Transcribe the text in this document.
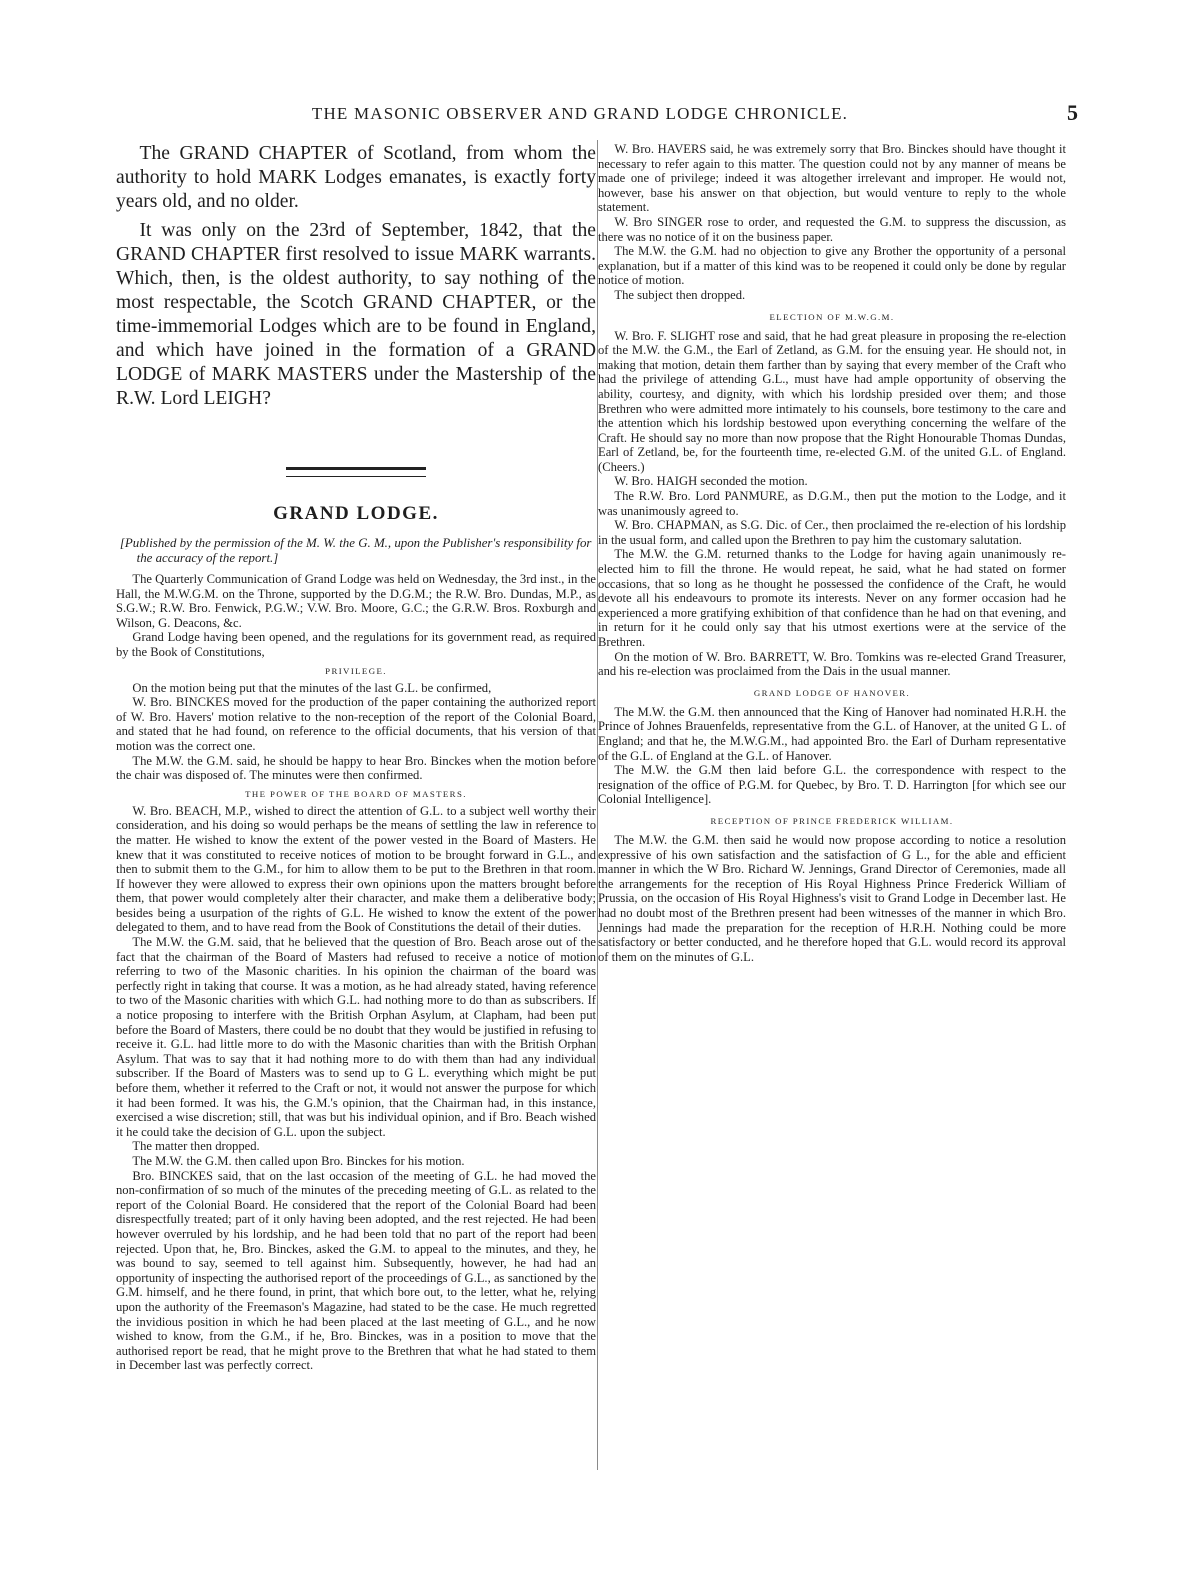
THE MASONIC OBSERVER AND GRAND LODGE CHRONICLE.	5

The GRAND CHAPTER of Scotland, from whom the authority to hold MARK Lodges emanates, is exactly forty years old, and no older.

It was only on the 23rd of September, 1842, that the GRAND CHAPTER first resolved to issue MARK warrants. Which, then, is the oldest authority, to say nothing of the most respectable, the Scotch GRAND CHAPTER, or the time-immemorial Lodges which are to be found in England, and which have joined in the formation of a GRAND LODGE of MARK MASTERS under the Mastership of the R.W. Lord LEIGH?

GRAND LODGE.

[Published by the permission of the M. W. the G. M., upon the Publisher's responsibility for the accuracy of the report.]

The Quarterly Communication of Grand Lodge was held on Wednesday, the 3rd inst., in the Hall, the M.W.G.M. on the Throne, supported by the D.G.M.; the R.W. Bro. Dundas, M.P., as S.G.W.; R.W. Bro. Fenwick, P.G.W.; V.W. Bro. Moore, G.C.; the G.R.W. Bros. Roxburgh and Wilson, G. Deacons, &c.

Grand Lodge having been opened, and the regulations for its government read, as required by the Book of Constitutions,

PRIVILEGE.

On the motion being put that the minutes of the last G.L. be confirmed,

W. Bro. BINCKES moved for the production of the paper containing the authorized report of W. Bro. Havers' motion relative to the non-reception of the report of the Colonial Board, and stated that he had found, on reference to the official documents, that his version of that motion was the correct one.

The M.W. the G.M. said, he should be happy to hear Bro. Binckes when the motion before the chair was disposed of. The minutes were then confirmed.

THE POWER OF THE BOARD OF MASTERS.

W. Bro. BEACH, M.P., wished to direct the attention of G.L. to a subject well worthy their consideration, and his doing so would perhaps be the means of settling the law in reference to the matter. He wished to know the extent of the power vested in the Board of Masters. He knew that it was constituted to receive notices of motion to be brought forward in G.L., and then to submit them to the G.M., for him to allow them to be put to the Brethren in that room. If however they were allowed to express their own opinions upon the matters brought before them, that power would completely alter their character, and make them a deliberative body; besides being a usurpation of the rights of G.L. He wished to know the extent of the power delegated to them, and to have read from the Book of Constitutions the detail of their duties.

The M.W. the G.M. said, that he believed that the question of Bro. Beach arose out of the fact that the chairman of the Board of Masters had refused to receive a notice of motion referring to two of the Masonic charities. In his opinion the chairman of the board was perfectly right in taking that course. It was a motion, as he had already stated, having reference to two of the Masonic charities with which G.L. had nothing more to do than as subscribers. If a notice proposing to interfere with the British Orphan Asylum, at Clapham, had been put before the Board of Masters, there could be no doubt that they would be justified in refusing to receive it. G.L. had little more to do with the Masonic charities than with the British Orphan Asylum. That was to say that it had nothing more to do with them than had any individual subscriber. If the Board of Masters was to send up to G L. everything which might be put before them, whether it referred to the Craft or not, it would not answer the purpose for which it had been formed. It was his, the G.M.'s opinion, that the Chairman had, in this instance, exercised a wise discretion; still, that was but his individual opinion, and if Bro. Beach wished it he could take the decision of G.L. upon the subject.

The matter then dropped.

The M.W. the G.M. then called upon Bro. Binckes for his motion.

Bro. BINCKES said, that on the last occasion of the meeting of G.L. he had moved the non-confirmation of so much of the minutes of the preceding meeting of G.L. as related to the report of the Colonial Board. He considered that the report of the Colonial Board had been disrespectfully treated; part of it only having been adopted, and the rest rejected. He had been however overruled by his lordship, and he had been told that no part of the report had been rejected. Upon that, he, Bro. Binckes, asked the G.M. to appeal to the minutes, and they, he was bound to say, seemed to tell against him. Subsequently, however, he had had an opportunity of inspecting the authorised report of the proceedings of G.L., as sanctioned by the G.M. himself, and he there found, in print, that which bore out, to the letter, what he, relying upon the authority of the Freemason's Magazine, had stated to be the case. He much regretted the invidious position in which he had been placed at the last meeting of G.L., and he now wished to know, from the G.M., if he, Bro. Binckes, was in a position to move that the authorised report be read, that he might prove to the Brethren that what he had stated to them in December last was perfectly correct.

W. Bro. HAVERS said, he was extremely sorry that Bro. Binckes should have thought it necessary to refer again to this matter. The question could not by any manner of means be made one of privilege; indeed it was altogether irrelevant and improper. He would not, however, base his answer on that objection, but would venture to reply to the whole statement.

W. Bro SINGER rose to order, and requested the G.M. to suppress the discussion, as there was no notice of it on the business paper.

The M.W. the G.M. had no objection to give any Brother the opportunity of a personal explanation, but if a matter of this kind was to be reopened it could only be done by regular notice of motion.

The subject then dropped.

ELECTION OF M.W.G.M.

W. Bro. F. SLIGHT rose and said, that he had great pleasure in proposing the re-election of the M.W. the G.M., the Earl of Zetland, as G.M. for the ensuing year. He should not, in making that motion, detain them farther than by saying that every member of the Craft who had the privilege of attending G.L., must have had ample opportunity of observing the ability, courtesy, and dignity, with which his lordship presided over them; and those Brethren who were admitted more intimately to his counsels, bore testimony to the care and the attention which his lordship bestowed upon everything concerning the welfare of the Craft. He should say no more than now propose that the Right Honourable Thomas Dundas, Earl of Zetland, be, for the fourteenth time, re-elected G.M. of the united G.L. of England. (Cheers.)

W. Bro. HAIGH seconded the motion.

The R.W. Bro. Lord PANMURE, as D.G.M., then put the motion to the Lodge, and it was unanimously agreed to.

W. Bro. CHAPMAN, as S.G. Dic. of Cer., then proclaimed the re-election of his lordship in the usual form, and called upon the Brethren to pay him the customary salutation.

The M.W. the G.M. returned thanks to the Lodge for having again unanimously re-elected him to fill the throne. He would repeat, he said, what he had stated on former occasions, that so long as he thought he possessed the confidence of the Craft, he would devote all his endeavours to promote its interests. Never on any former occasion had he experienced a more gratifying exhibition of that confidence than he had on that evening, and in return for it he could only say that his utmost exertions were at the service of the Brethren.

On the motion of W. Bro. BARRETT, W. Bro. Tomkins was re-elected Grand Treasurer, and his re-election was proclaimed from the Dais in the usual manner.

GRAND LODGE OF HANOVER.

The M.W. the G.M. then announced that the King of Hanover had nominated H.R.H. the Prince of Johnes Brauenfelds, representative from the G.L. of Hanover, at the united G L. of England; and that he, the M.W.G.M., had appointed Bro. the Earl of Durham representative of the G.L. of England at the G.L. of Hanover.

The M.W. the G.M then laid before G.L. the correspondence with respect to the resignation of the office of P.G.M. for Quebec, by Bro. T. D. Harrington [for which see our Colonial Intelligence].

RECEPTION OF PRINCE FREDERICK WILLIAM.

The M.W. the G.M. then said he would now propose according to notice a resolution expressive of his own satisfaction and the satisfaction of G L., for the able and efficient manner in which the W Bro. Richard W. Jennings, Grand Director of Ceremonies, made all the arrangements for the reception of His Royal Highness Prince Frederick William of Prussia, on the occasion of His Royal Highness's visit to Grand Lodge in December last. He had no doubt most of the Brethren present had been witnesses of the manner in which Bro. Jennings had made the preparation for the reception of H.R.H. Nothing could be more satisfactory or better conducted, and he therefore hoped that G.L. would record its approval of them on the minutes of G.L.
